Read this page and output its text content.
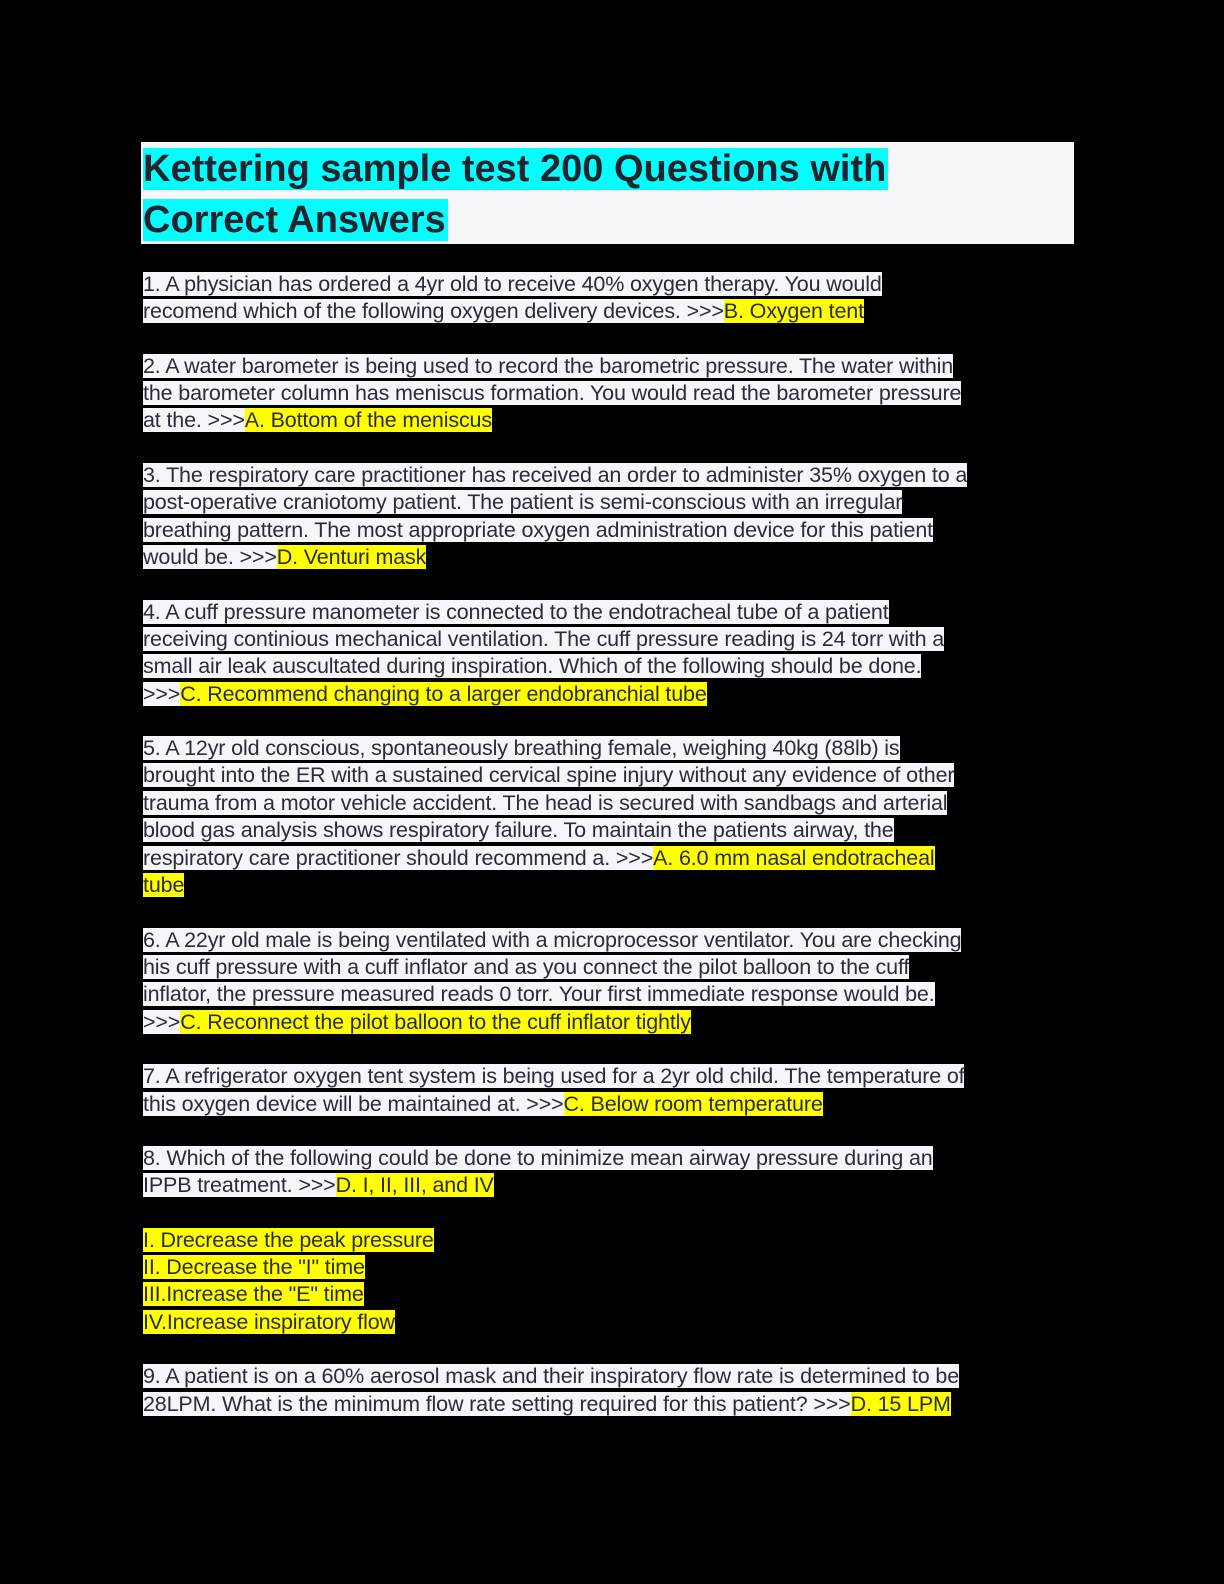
Kettering sample test 200 Questions with
Correct Answers
1. A physician has ordered a 4yr old to receive 40% oxygen therapy. You would
recomend which of the following oxygen delivery devices. >>>B. Oxygen tent
2. A water barometer is being used to record the barometric pressure. The water within
the barometer column has meniscus formation. You would read the barometer pressure
at the. >>>A. Bottom of the meniscus
3. The respiratory care practitioner has received an order to administer 35% oxygen to a
post-operative craniotomy patient. The patient is semi-conscious with an irregular
breathing pattern. The most appropriate oxygen administration device for this patient
would be. >>>D. Venturi mask
4. A cuff pressure manometer is connected to the endotracheal tube of a patient
receiving continious mechanical ventilation. The cuff pressure reading is 24 torr with a
small air leak auscultated during inspiration. Which of the following should be done.
>>>C. Recommend changing to a larger endobranchial tube
5. A 12yr old conscious, spontaneously breathing female, weighing 40kg (88lb) is
brought into the ER with a sustained cervical spine injury without any evidence of other
trauma from a motor vehicle accident. The head is secured with sandbags and arterial
blood gas analysis shows respiratory failure. To maintain the patients airway, the
respiratory care practitioner should recommend a. >>>A. 6.0 mm nasal endotracheal
tube
6. A 22yr old male is being ventilated with a microprocessor ventilator. You are checking
his cuff pressure with a cuff inflator and as you connect the pilot balloon to the cuff
inflator, the pressure measured reads 0 torr. Your first immediate response would be.
>>>C. Reconnect the pilot balloon to the cuff inflator tightly
7. A refrigerator oxygen tent system is being used for a 2yr old child. The temperature of
this oxygen device will be maintained at. >>>C. Below room temperature
8. Which of the following could be done to minimize mean airway pressure during an
IPPB treatment. >>>D. I, II, III, and IV
I. Drecrease the peak pressure
II. Decrease the "I" time
III.Increase the "E" time
IV.Increase inspiratory flow
9. A patient is on a 60% aerosol mask and their inspiratory flow rate is determined to be
28LPM. What is the minimum flow rate setting required for this patient? >>>D. 15 LPM
